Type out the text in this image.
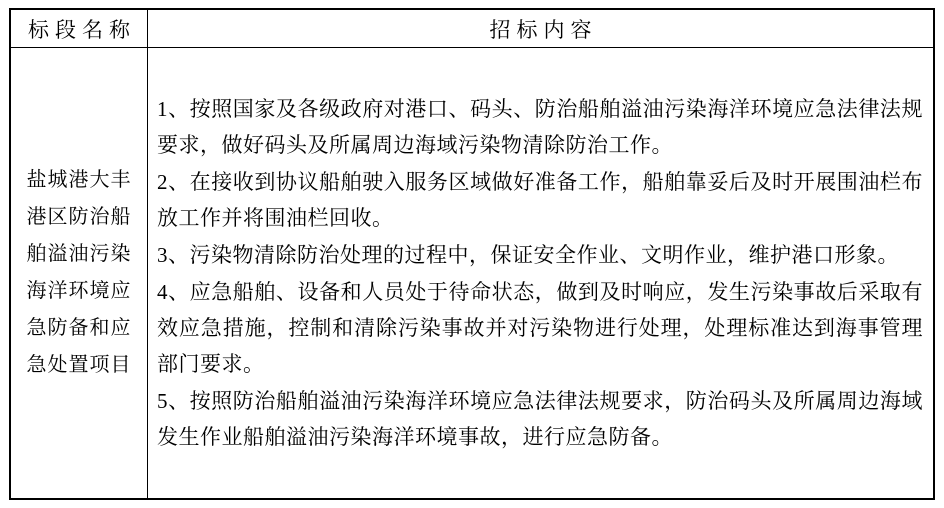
标段名称	招标内容
盐城港大丰
港区防治船
舶溢油污染
海洋环境应
急防备和应
急处置项目

1、按照国家及各级政府对港口、码头、防治船舶溢油污染海洋环境应急法律法规要求，做好码头及所属周边海域污染物清除防治工作。

2、在接收到协议船舶驶入服务区域做好准备工作，船舶靠妥后及时开展围油栏布放工作并将围油栏回收。

3、污染物清除防治处理的过程中，保证安全作业、文明作业，维护港口形象。

4、应急船舶、设备和人员处于待命状态，做到及时响应，发生污染事故后采取有效应急措施，控制和清除污染事故并对污染物进行处理，处理标准达到海事管理部门要求。

5、按照防治船舶溢油污染海洋环境应急法律法规要求，防治码头及所属周边海域发生作业船舶溢油污染海洋环境事故，进行应急防备。
